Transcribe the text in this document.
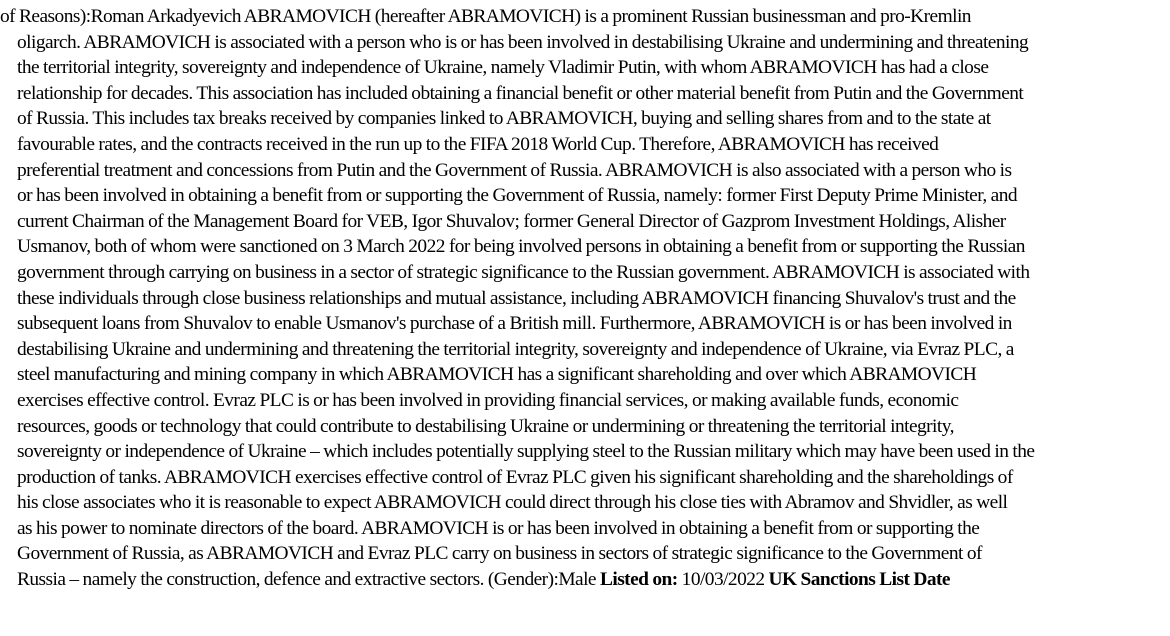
of Reasons):Roman Arkadyevich ABRAMOVICH (hereafter ABRAMOVICH) is a prominent Russian businessman and pro-Kremlin
oligarch. ABRAMOVICH is associated with a person who is or has been involved in destabilising Ukraine and undermining and threatening
the territorial integrity, sovereignty and independence of Ukraine, namely Vladimir Putin, with whom ABRAMOVICH has had a close
relationship for decades. This association has included obtaining a financial benefit or other material benefit from Putin and the Government
of Russia. This includes tax breaks received by companies linked to ABRAMOVICH, buying and selling shares from and to the state at
favourable rates, and the contracts received in the run up to the FIFA 2018 World Cup. Therefore, ABRAMOVICH has received
preferential treatment and concessions from Putin and the Government of Russia. ABRAMOVICH is also associated with a person who is
or has been involved in obtaining a benefit from or supporting the Government of Russia, namely: former First Deputy Prime Minister, and
current Chairman of the Management Board for VEB, Igor Shuvalov; former General Director of Gazprom Investment Holdings, Alisher
Usmanov, both of whom were sanctioned on 3 March 2022 for being involved persons in obtaining a benefit from or supporting the Russian
government through carrying on business in a sector of strategic significance to the Russian government. ABRAMOVICH is associated with
these individuals through close business relationships and mutual assistance, including ABRAMOVICH financing Shuvalov's trust and the
subsequent loans from Shuvalov to enable Usmanov's purchase of a British mill. Furthermore, ABRAMOVICH is or has been involved in
destabilising Ukraine and undermining and threatening the territorial integrity, sovereignty and independence of Ukraine, via Evraz PLC, a
steel manufacturing and mining company in which ABRAMOVICH has a significant shareholding and over which ABRAMOVICH
exercises effective control. Evraz PLC is or has been involved in providing financial services, or making available funds, economic
resources, goods or technology that could contribute to destabilising Ukraine or undermining or threatening the territorial integrity,
sovereignty or independence of Ukraine – which includes potentially supplying steel to the Russian military which may have been used in the
production of tanks. ABRAMOVICH exercises effective control of Evraz PLC given his significant shareholding and the shareholdings of
his close associates who it is reasonable to expect ABRAMOVICH could direct through his close ties with Abramov and Shvidler, as well
as his power to nominate directors of the board. ABRAMOVICH is or has been involved in obtaining a benefit from or supporting the
Government of Russia, as ABRAMOVICH and Evraz PLC carry on business in sectors of strategic significance to the Government of
Russia – namely the construction, defence and extractive sectors. (Gender):Male Listed on: 10/03/2022 UK Sanctions List Date
